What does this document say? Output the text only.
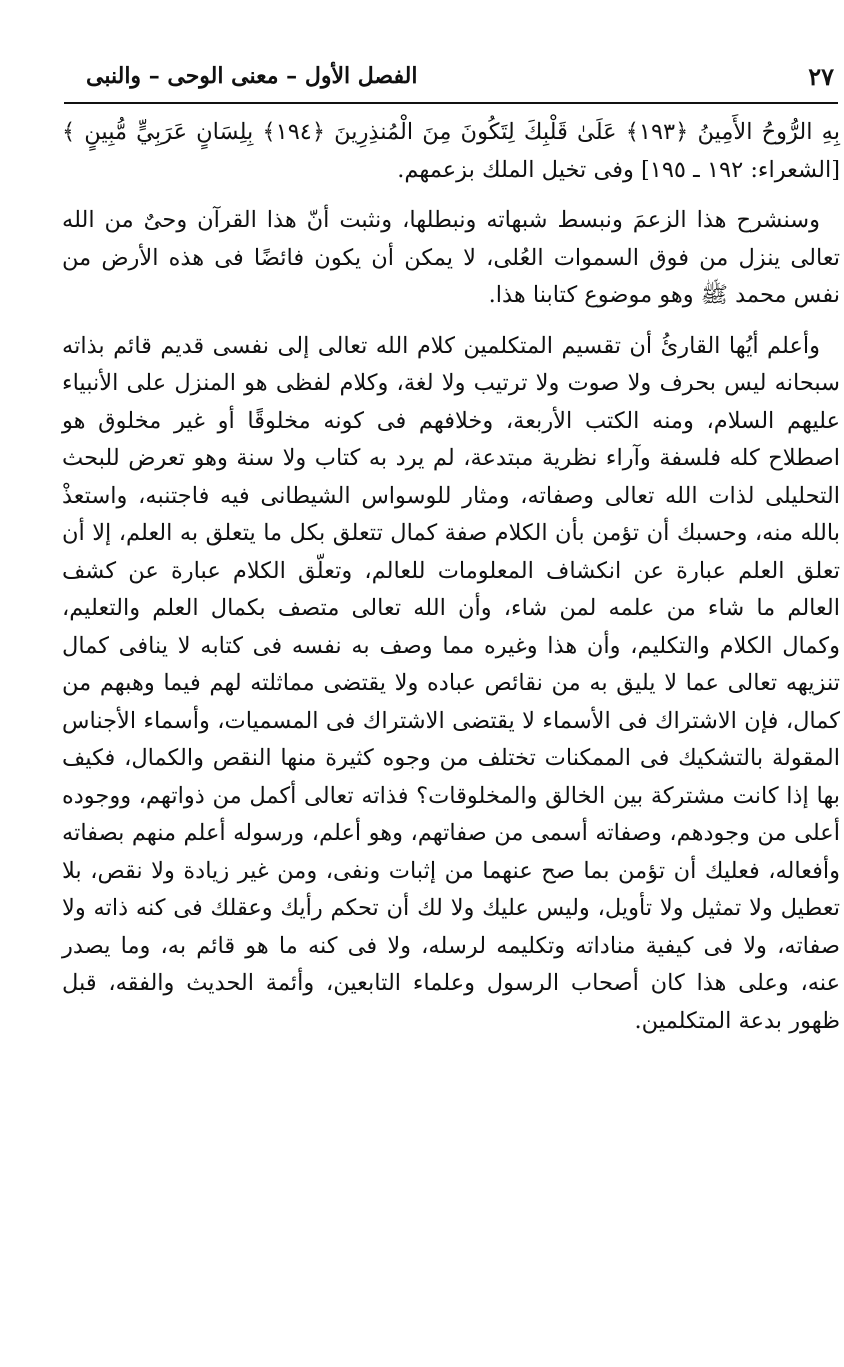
٢٧
الفصل الأول – معنى الوحى – والنبى

بِهِ الرُّوحُ الأَمِينُ ﴿١٩٣﴾ عَلَىٰ قَلْبِكَ لِتَكُونَ مِنَ الْمُنذِرِينَ ﴿١٩٤﴾ بِلِسَانٍ عَرَبِيٍّ مُّبِينٍ ﴾ [الشعراء: ١٩٢ ـ ١٩٥] وفى تخيل الملك بزعمهم.

وسنشرح هذا الزعمَ ونبسط شبهاته ونبطلها، ونثبت أنّ هذا القرآن وحىٌ من الله تعالى ينزل من فوق السموات العُلى، لا يمكن أن يكون فائضًا فى هذه الأرض من نفس محمد ﷺ وهو موضوع كتابنا هذا.

وأعلم أيُها القارئُ أن تقسيم المتكلمين كلام الله تعالى إلى نفسى قديم قائم بذاته سبحانه ليس بحرف ولا صوت ولا ترتيب ولا لغة، وكلام لفظى هو المنزل على الأنبياء عليهم السلام، ومنه الكتب الأربعة، وخلافهم فى كونه مخلوقًا أو غير مخلوق هو اصطلاح كله فلسفة وآراء نظرية مبتدعة، لم يرد به كتاب ولا سنة وهو تعرض للبحث التحليلى لذات الله تعالى وصفاته، ومثار للوسواس الشيطانى فيه فاجتنبه، واستعذْ بالله منه، وحسبك أن تؤمن بأن الكلام صفة كمال تتعلق بكل ما يتعلق به العلم، إلا أن تعلق العلم عبارة عن انكشاف المعلومات للعالم، وتعلّق الكلام عبارة عن كشف العالم ما شاء من علمه لمن شاء، وأن الله تعالى متصف بكمال العلم والتعليم، وكمال الكلام والتكليم، وأن هذا وغيره مما وصف به نفسه فى كتابه لا ينافى كمال تنزيهه تعالى عما لا يليق به من نقائص عباده ولا يقتضى مماثلته لهم فيما وهبهم من كمال، فإن الاشتراك فى الأسماء لا يقتضى الاشتراك فى المسميات، وأسماء الأجناس المقولة بالتشكيك فى الممكنات تختلف من وجوه كثيرة منها النقص والكمال، فكيف بها إذا كانت مشتركة بين الخالق والمخلوقات؟ فذاته تعالى أكمل من ذواتهم، ووجوده أعلى من وجودهم، وصفاته أسمى من صفاتهم، وهو أعلم، ورسوله أعلم منهم بصفاته وأفعاله، فعليك أن تؤمن بما صح عنهما من إثبات ونفى، ومن غير زيادة ولا نقص، بلا تعطيل ولا تمثيل ولا تأويل، وليس عليك ولا لك أن تحكم رأيك وعقلك فى كنه ذاته ولا صفاته، ولا فى كيفية مناداته وتكليمه لرسله، ولا فى كنه ما هو قائم به، وما يصدر عنه، وعلى هذا كان أصحاب الرسول وعلماء التابعين، وأئمة الحديث والفقه، قبل ظهور بدعة المتكلمين.
